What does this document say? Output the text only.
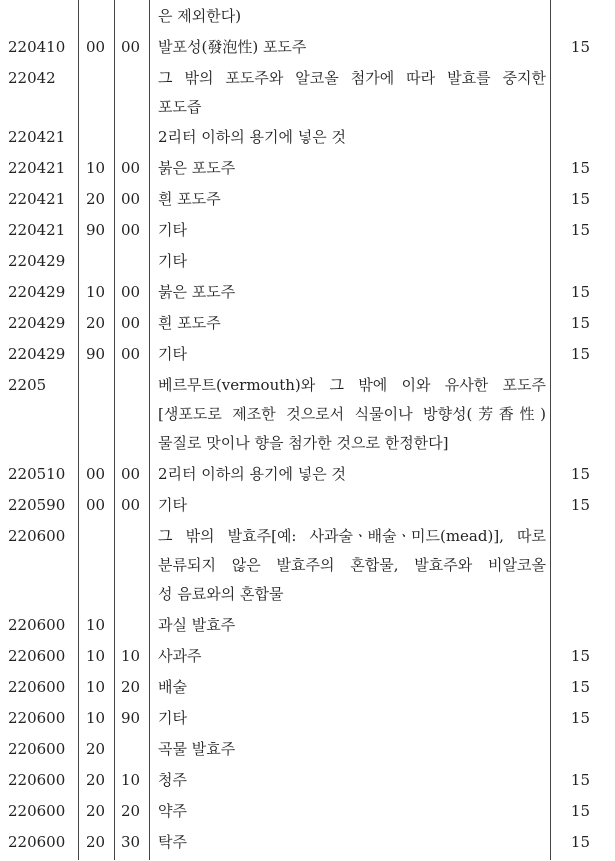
은 제외한다)
220410 00 00 발포성(發泡性) 포도주	15
22042	그 밖의 포도주와 알코올 첨가에 따라 발효를 중지한
포도즙
220421	2리터 이하의 용기에 넣은 것
220421 10 00 붉은 포도주	15
220421 20 00 흰 포도주	15
220421 90 00 기타	15
220429	기타
220429 10 00 붉은 포도주	15
220429 20 00 흰 포도주	15
220429 90 00 기타	15
2205	베르무트(vermouth)와 그 밖에 이와 유사한 포도주
[생포도로 제조한 것으로서 식물이나 방향성(芳香性)
물질로 맛이나 향을 첨가한 것으로 한정한다]
220510 00 00 2리터 이하의 용기에 넣은 것	15
220590 00 00 기타	15
220600	그 밖의 발효주[예: 사과술ㆍ배술ㆍ미드(mead)], 따로
분류되지 않은 발효주의 혼합물, 발효주와 비알코올
성 음료와의 혼합물
220600 10	과실 발효주
220600 10 10 사과주	15
220600 10 20 배술	15
220600 10 90 기타	15
220600 20	곡물 발효주
220600 20 10 청주	15
220600 20 20 약주	15
220600 20 30 탁주	15
